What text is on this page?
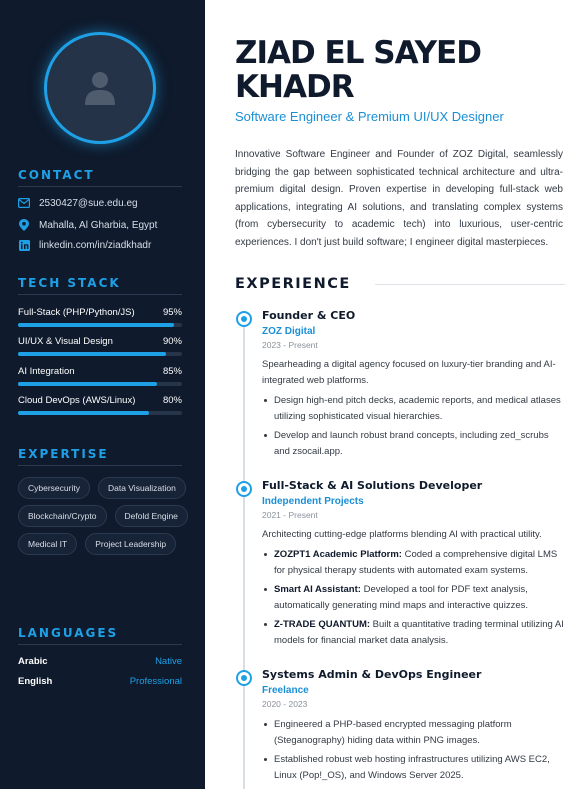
CONTACT
2530427@sue.edu.eg
Mahalla, Al Gharbia, Egypt
linkedin.com/in/ziadkhadr
TECH STACK
Full-Stack (PHP/Python/JS)	95%
UI/UX & Visual Design	90%
AI Integration	85%
Cloud DevOps (AWS/Linux)	80%
EXPERTISE
Cybersecurity	Data Visualization
Blockchain/Crypto	Defold Engine
Medical IT	Project Leadership
LANGUAGES
Arabic	Native
English	Professional
ZIAD EL SAYED KHADR
Software Engineer & Premium UI/UX Designer

Innovative Software Engineer and Founder of ZOZ Digital, seamlessly bridging the gap between sophisticated technical architecture and ultra-premium digital design. Proven expertise in developing full-stack web applications, integrating AI solutions, and translating complex systems (from cybersecurity to academic tech) into luxurious, user-centric experiences. I don't just build software; I engineer digital masterpieces.

EXPERIENCE
Founder & CEO
ZOZ Digital
2023 - Present
Spearheading a digital agency focused on luxury-tier branding and AI-integrated web platforms.
Design high-end pitch decks, academic reports, and medical atlases utilizing sophisticated visual hierarchies.
Develop and launch robust brand concepts, including zed_scrubs and zsocail.app.
Full-Stack & AI Solutions Developer
Independent Projects
2021 - Present
Architecting cutting-edge platforms blending AI with practical utility.
ZOZPT1 Academic Platform: Coded a comprehensive digital LMS for physical therapy students with automated exam systems.
Smart AI Assistant: Developed a tool for PDF text analysis, automatically generating mind maps and interactive quizzes.
Z-TRADE QUANTUM: Built a quantitative trading terminal utilizing AI models for financial market data analysis.
Systems Admin & DevOps Engineer
Freelance
2020 - 2023
Engineered a PHP-based encrypted messaging platform (Steganography) hiding data within PNG images.
Established robust web hosting infrastructures utilizing AWS EC2, Linux (Pop!_OS), and Windows Server 2025.
